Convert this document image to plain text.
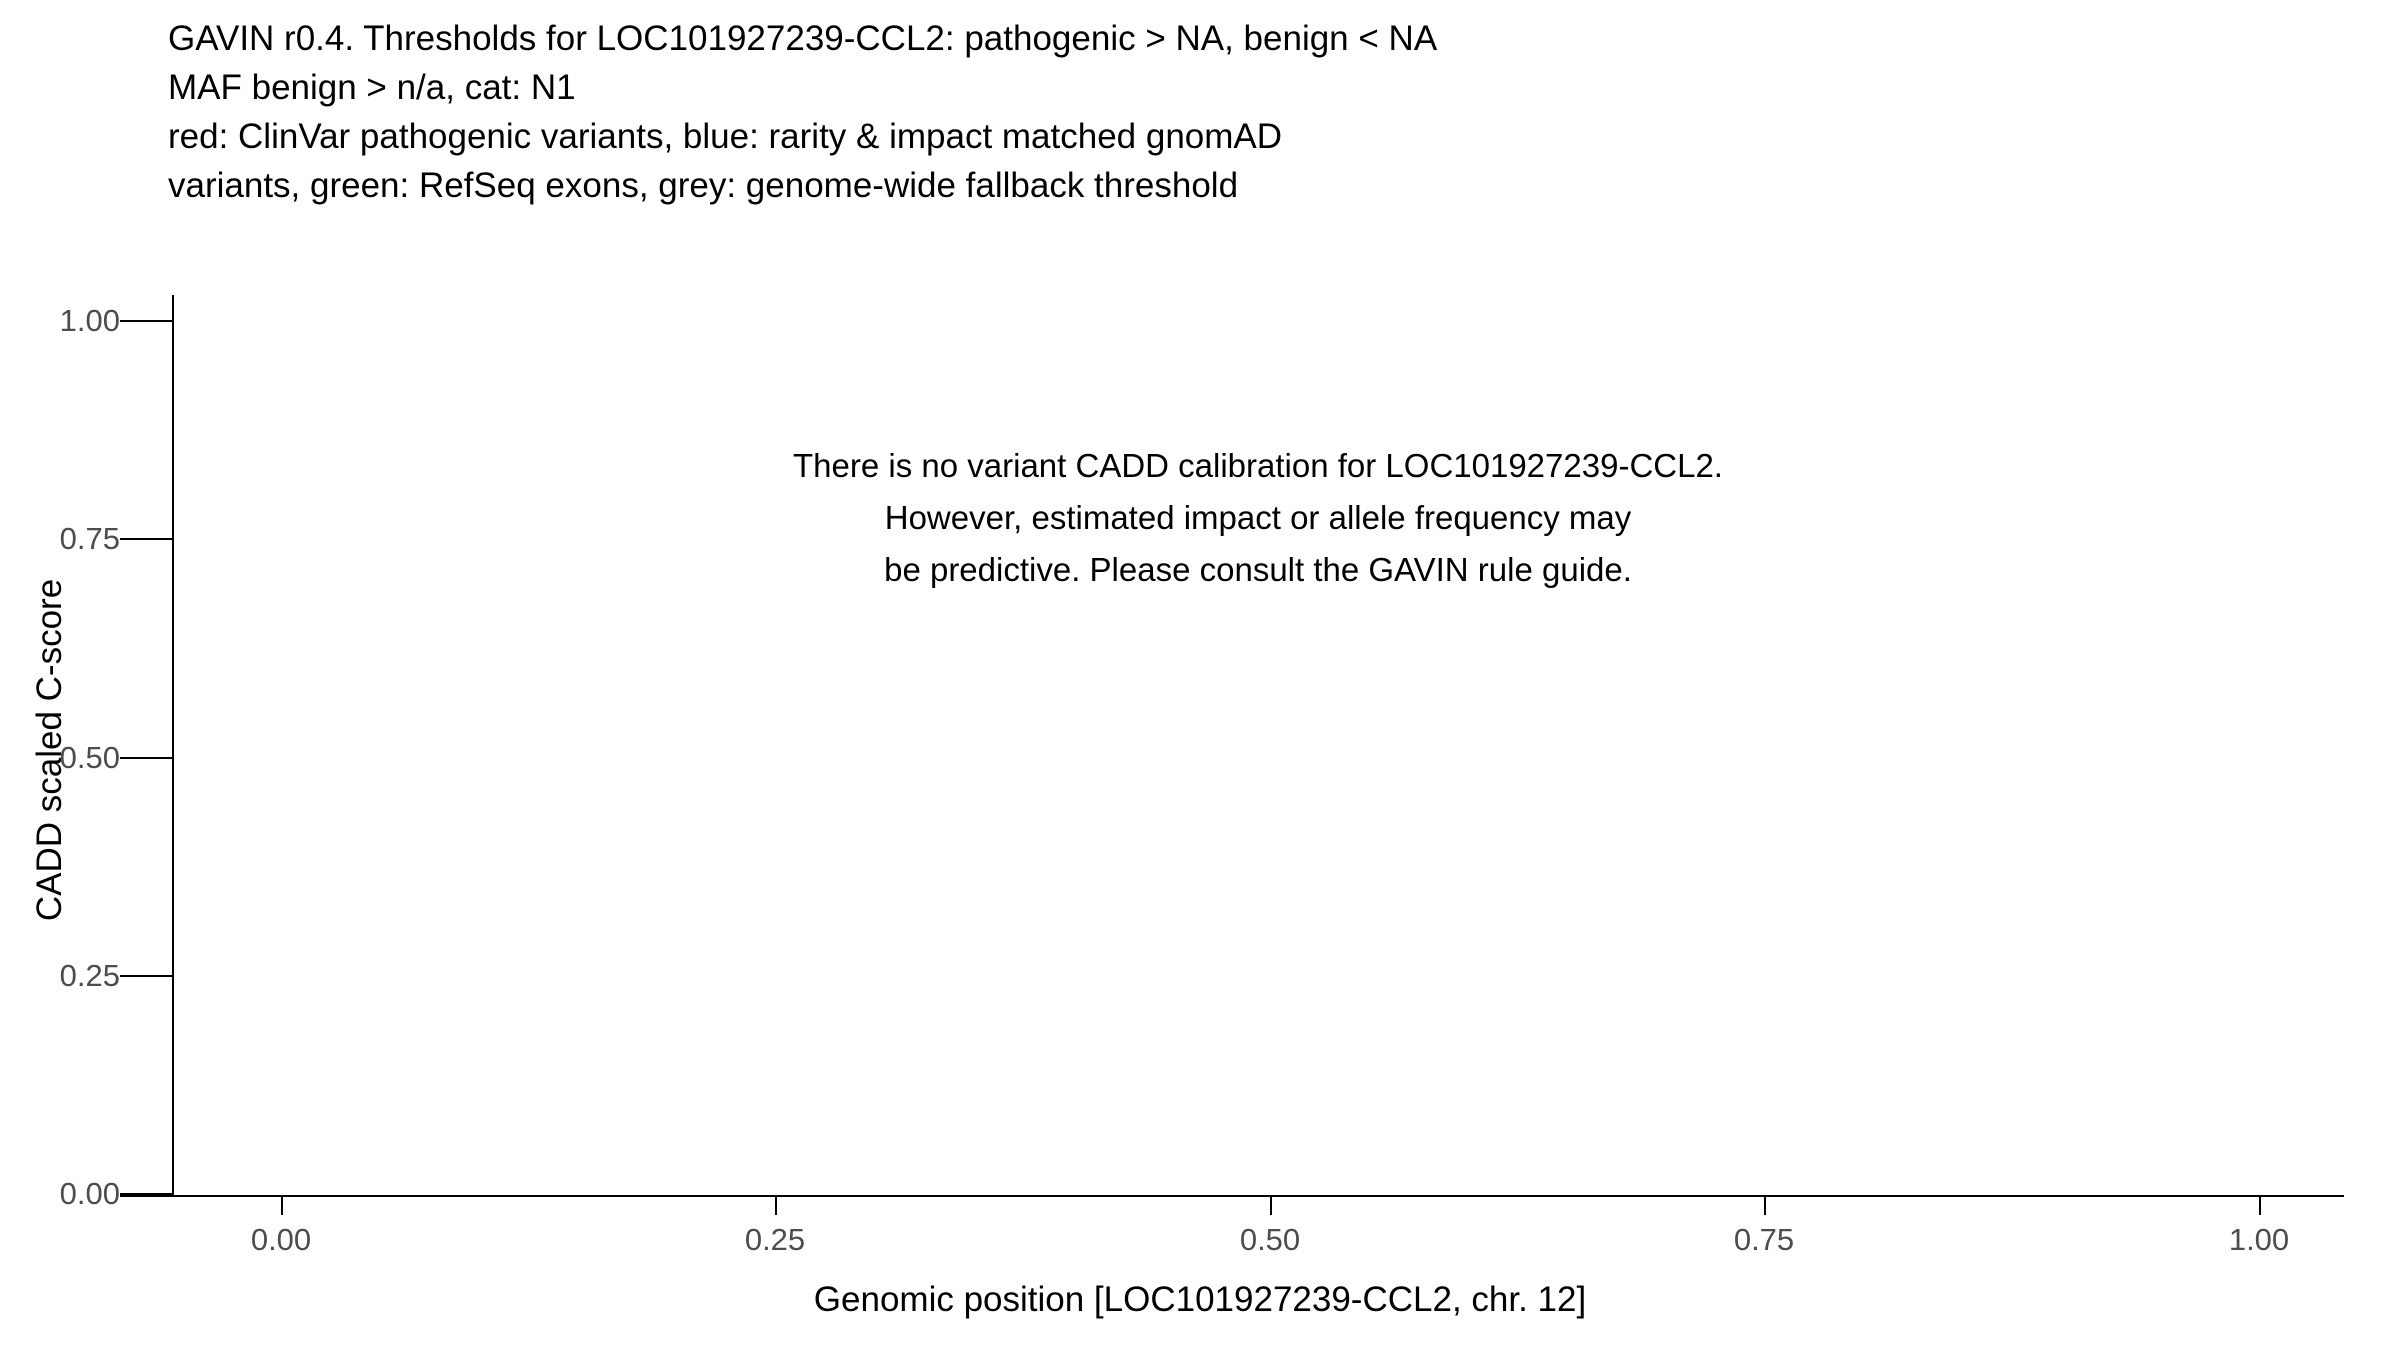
GAVIN r0.4. Thresholds for LOC101927239-CCL2: pathogenic > NA, benign < NA
MAF benign > n/a, cat: N1
red: ClinVar pathogenic variants, blue: rarity & impact matched gnomAD
variants, green: RefSeq exons, grey: genome-wide fallback threshold
1.00
0.75
0.50
0.25
0.00
0.00	0.25	0.50	0.75	1.00
Genomic position [LOC101927239-CCL2, chr. 12]
CADD scaled C-score
There is no variant CADD calibration for LOC101927239-CCL2.
However, estimated impact or allele frequency may
be predictive. Please consult the GAVIN rule guide.
